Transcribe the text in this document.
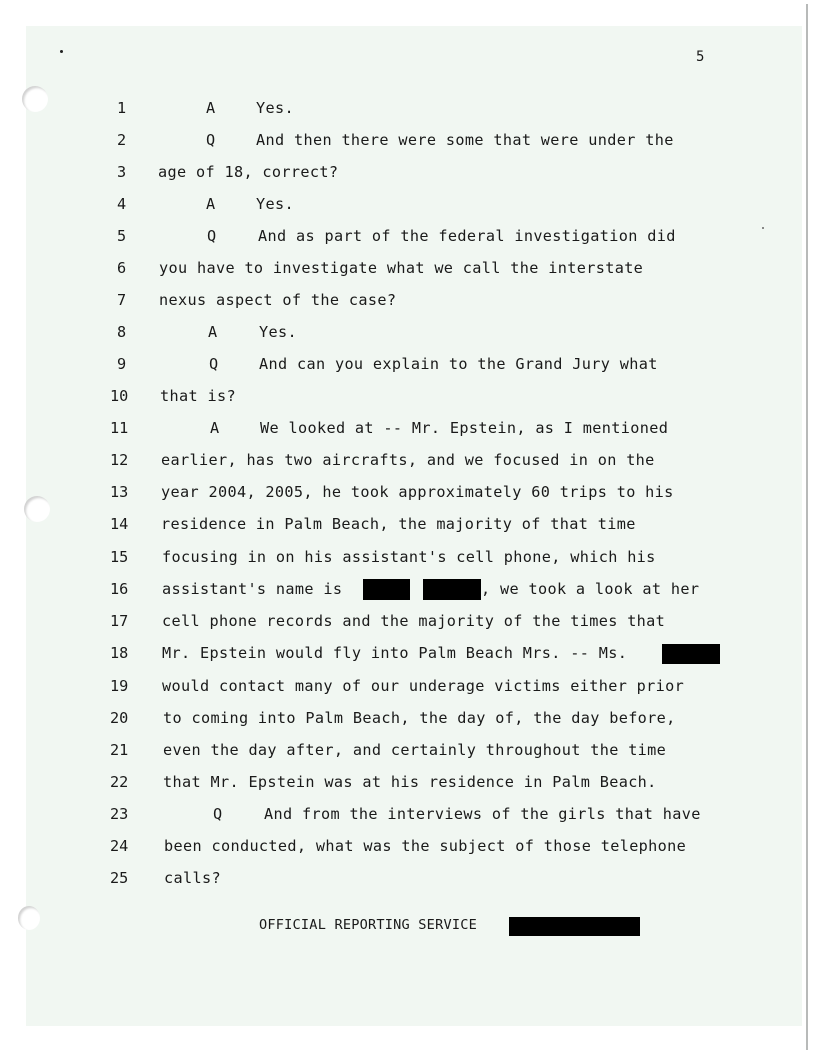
5

1

	A

	Yes.

2

	Q

	And then there were some that were under the

3

age of 18, correct?

4

	A

	Yes.

5

	Q

	And as part of the federal investigation did

6

you have to investigate what we call the interstate

7

nexus aspect of the case?

8

	A

	Yes.

9

	Q

	And can you explain to the Grand Jury what

10

that is?

11

	A

	We looked at -- Mr. Epstein, as I mentioned

12

earlier, has two aircrafts, and we focused in on the

13

year 2004, 2005, he took approximately 60 trips to his

14

residence in Palm Beach, the majority of that time

15

focusing in on his assistant's cell phone, which his

16

assistant's name is

	, we took a look at her

17

cell phone records and the majority of the times that

18

Mr. Epstein would fly into Palm Beach Mrs. -- Ms.

19

would contact many of our underage victims either prior

20

to coming into Palm Beach, the day of, the day before,

21

even the day after, and certainly throughout the time

22

that Mr. Epstein was at his residence in Palm Beach.

23

	Q

	And from the interviews of the girls that have

24

been conducted, what was the subject of those telephone

25

calls?

OFFICIAL REPORTING SERVICE
